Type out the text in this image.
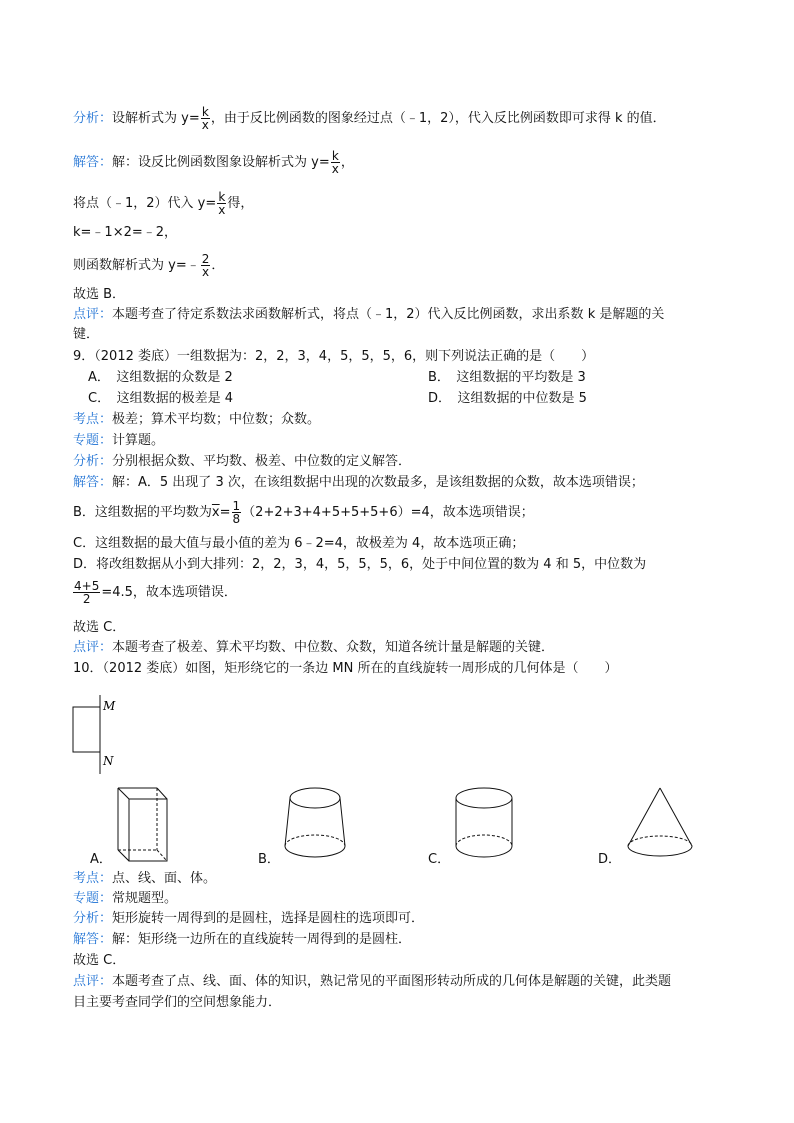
分析：设解析式为 $y= \frac{k}{x}$ ，由于反比例函数的图象经过点（﹣1，2），代入反比例函数即可求得 k 的值．
解答：解：设反比例函数图象设解析式为 $y= \frac{k}{x}$ ，
将点（﹣1，2）代入 $y= \frac{k}{x}$ 得，
k=﹣1×2=﹣2，
则函数解析式为 y=﹣ $\frac{2}{x}$ ．
故选 B．
点评：本题考查了待定系数法求函数解析式，将点（﹣1，2）代入反比例函数，求出系数 k 是解题的关
键．
9．（2012 娄底）一组数据为：2，2，3，4，5，5，5，6，则下列说法正确的是（　　）
A．　这组数据的众数是 2	B．　这组数据的平均数是 3
C．　这组数据的极差是 4	D．　这组数据的中位数是 5
考点：极差；算术平均数；中位数；众数。
专题：计算题。
分析：分别根据众数、平均数、极差、中位数的定义解答．
解答：解：A．5 出现了 3 次，在该组数据中出现的次数最多，是该组数据的众数，故本选项错误；
B．这组数据的平均数为$\overline{x}= \frac{1}{8} (2+2+3+4+5+5+5+6)=4$，故本选项错误；
C．这组数据的最大值与最小值的差为 6﹣2=4，故极差为 4，故本选项正确；
D．将改组数据从小到大排列：2，2，3，4，5，5，5，6，处于中间位置的数为 4 和 5，中位数为
$\frac{4+5}{2} =4.5$，故本选项错误．
故选 C．
点评：本题考查了极差、算术平均数、中位数、众数，知道各统计量是解题的关键．
10．（2012 娄底）如图，矩形绕它的一条边 MN 所在的直线旋转一周形成的几何体是（　　）
M
N
A．	B．	C．	D．
考点：点、线、面、体。
专题：常规题型。
分析：矩形旋转一周得到的是圆柱，选择是圆柱的选项即可．
解答：解：矩形绕一边所在的直线旋转一周得到的是圆柱．
故选 C．
点评：本题考查了点、线、面、体的知识，熟记常见的平面图形转动所成的几何体是解题的关键，此类题
目主要考查同学们的空间想象能力．
